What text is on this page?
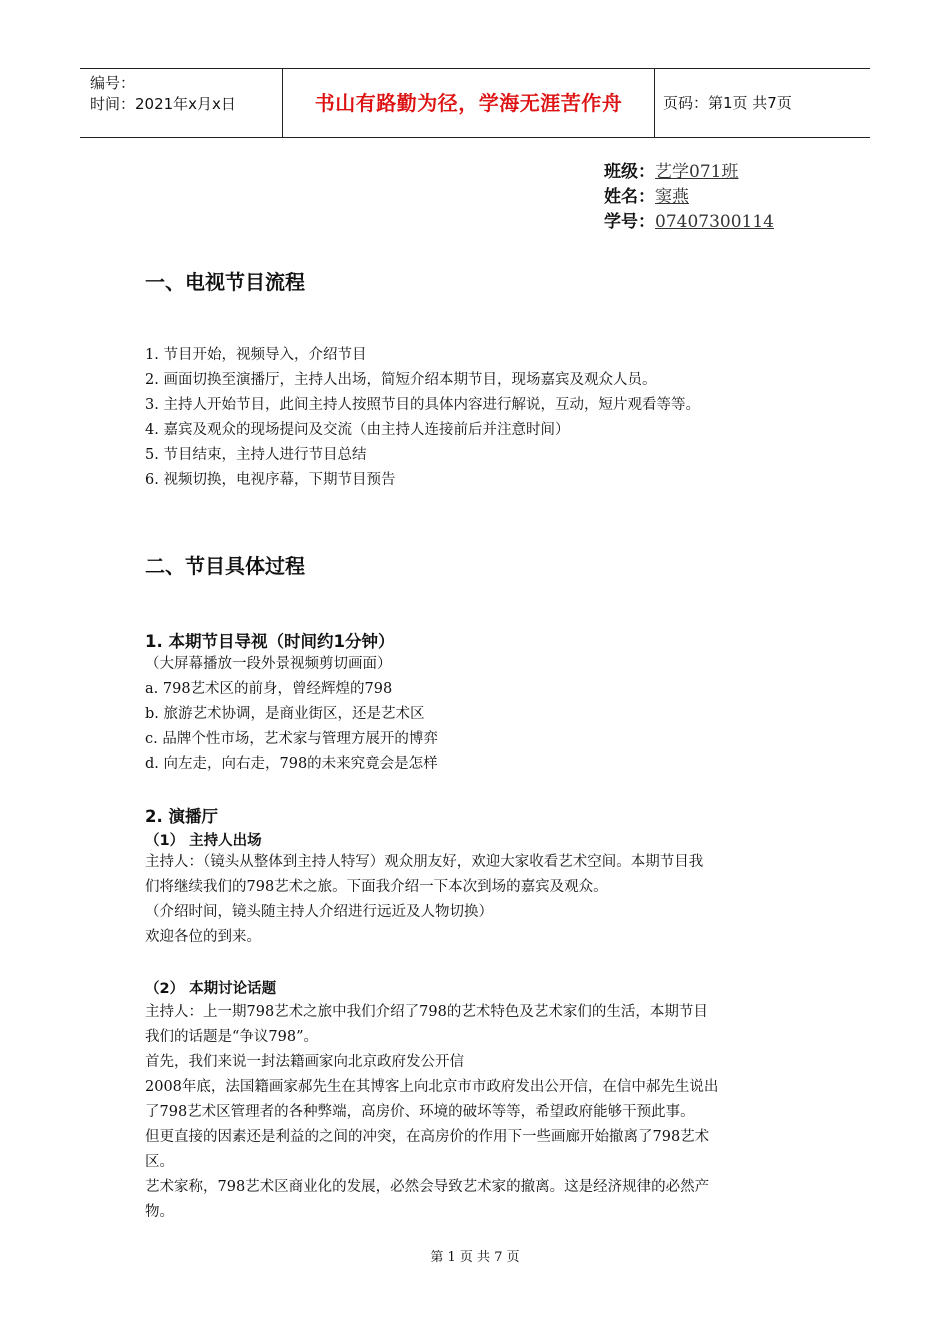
编号：
时间：2021年x月x日	书山有路勤为径，学海无涯苦作舟	页码：第1页 共7页
班级：艺学071班
姓名：窦燕
学号：07407300114
一、电视节目流程
1. 节目开始，视频导入，介绍节目
2. 画面切换至演播厅，主持人出场，简短介绍本期节目，现场嘉宾及观众人员。
3. 主持人开始节目，此间主持人按照节目的具体内容进行解说，互动，短片观看等等。
4. 嘉宾及观众的现场提问及交流（由主持人连接前后并注意时间）
5. 节目结束，主持人进行节目总结
6. 视频切换，电视序幕，下期节目预告
二、节目具体过程
1. 本期节目导视（时间约1分钟）
（大屏幕播放一段外景视频剪切画面）
a. 798艺术区的前身，曾经辉煌的798
b. 旅游艺术协调，是商业街区，还是艺术区
c. 品牌个性市场，艺术家与管理方展开的博弈
d. 向左走，向右走，798的未来究竟会是怎样
2. 演播厅
（1） 主持人出场
主持人：（镜头从整体到主持人特写）观众朋友好，欢迎大家收看艺术空间。本期节目我
们将继续我们的798艺术之旅。下面我介绍一下本次到场的嘉宾及观众。
（介绍时间，镜头随主持人介绍进行远近及人物切换）
欢迎各位的到来。
（2） 本期讨论话题
主持人：上一期798艺术之旅中我们介绍了798的艺术特色及艺术家们的生活，本期节目
我们的话题是“争议798”。
首先，我们来说一封法籍画家向北京政府发公开信
2008年底，法国籍画家郝先生在其博客上向北京市市政府发出公开信，在信中郝先生说出
了798艺术区管理者的各种弊端，高房价、环境的破坏等等，希望政府能够干预此事。
但更直接的因素还是利益的之间的冲突，在高房价的作用下一些画廊开始撤离了798艺术
区。
艺术家称，798艺术区商业化的发展，必然会导致艺术家的撤离。这是经济规律的必然产
物。
第 1 页 共 7 页
